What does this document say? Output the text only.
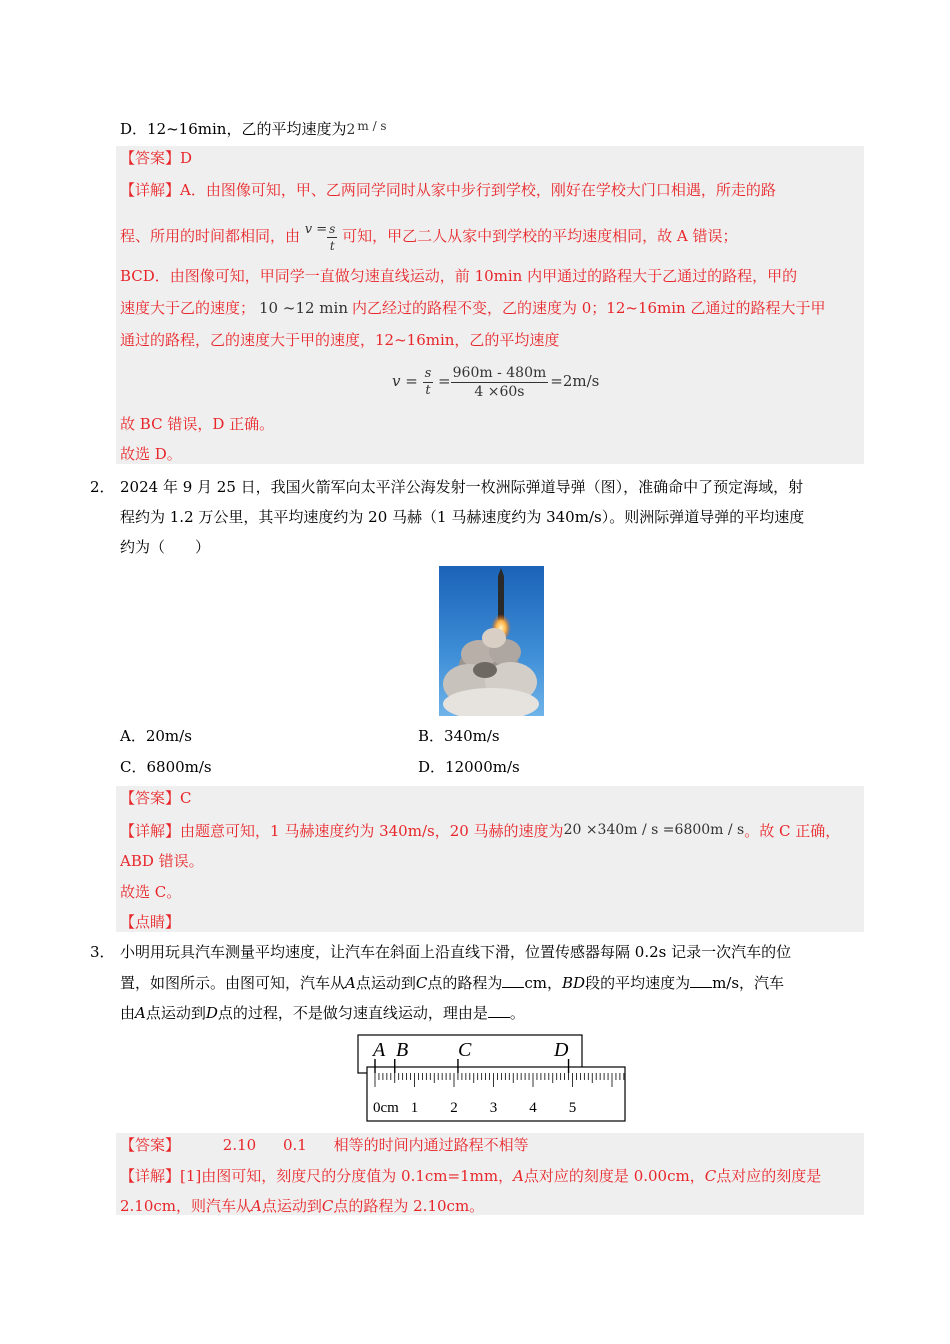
D．12~16min，乙的平均速度为2 $^{m / s}$
【答案】D
【详解】A．由图像可知，甲、乙两同学同时从家中步行到学校，刚好在学校大门口相遇，所走的路
程、所用的时间都相同，由 $v = \frac{s}{t}$ 可知，甲乙二人从家中到学校的平均速度相同，故 A 错误；
BCD．由图像可知，甲同学一直做匀速直线运动，前 10min 内甲通过的路程大于乙通过的路程，甲的
速度大于乙的速度； 10 ~12 min 内乙经过的路程不变，乙的速度为 0；12~16min 乙通过的路程大于甲
通过的路程，乙的速度大于甲的速度，12~16min，乙的平均速度
$v = \frac{s}{t} = \frac{960m - 480m}{4 \times 60s} =2m/s$
故 BC 错误，D 正确。
故选 D。
2． 2024 年 9 月 25 日，我国火箭军向太平洋公海发射一枚洲际弹道导弹（图），准确命中了预定海域，射
程约为 1.2 万公里，其平均速度约为 20 马赫（1 马赫速度约为 340m/s）。则洲际弹道导弹的平均速度
约为（　　）
A．20m/s	B．340m/s
C．6800m/s	D．12000m/s
【答案】C
【详解】由题意可知，1 马赫速度约为 340m/s，20 马赫的速度为20 ×340m / s =6800m / s。故 C 正确，
ABD 错误。
故选 C。
【点睛】
3． 小明用玩具汽车测量平均速度，让汽车在斜面上沿直线下滑，位置传感器每隔 0.2s 记录一次汽车的位
置，如图所示。由图可知，汽车从A点运动到C点的路程为 cm，BD段的平均速度为 m/s，汽车
由A点运动到D点的过程，不是做匀速直线运动，理由是 。
A B C	D
0cm 1 2 3 4 5
【答案】	2.10 0.1 相等的时间内通过路程不相等
【详解】[1]由图可知，刻度尺的分度值为 0.1cm=1mm，A点对应的刻度是 0.00cm，C点对应的刻度是
2.10cm，则汽车从A点运动到C点的路程为 2.10cm。
